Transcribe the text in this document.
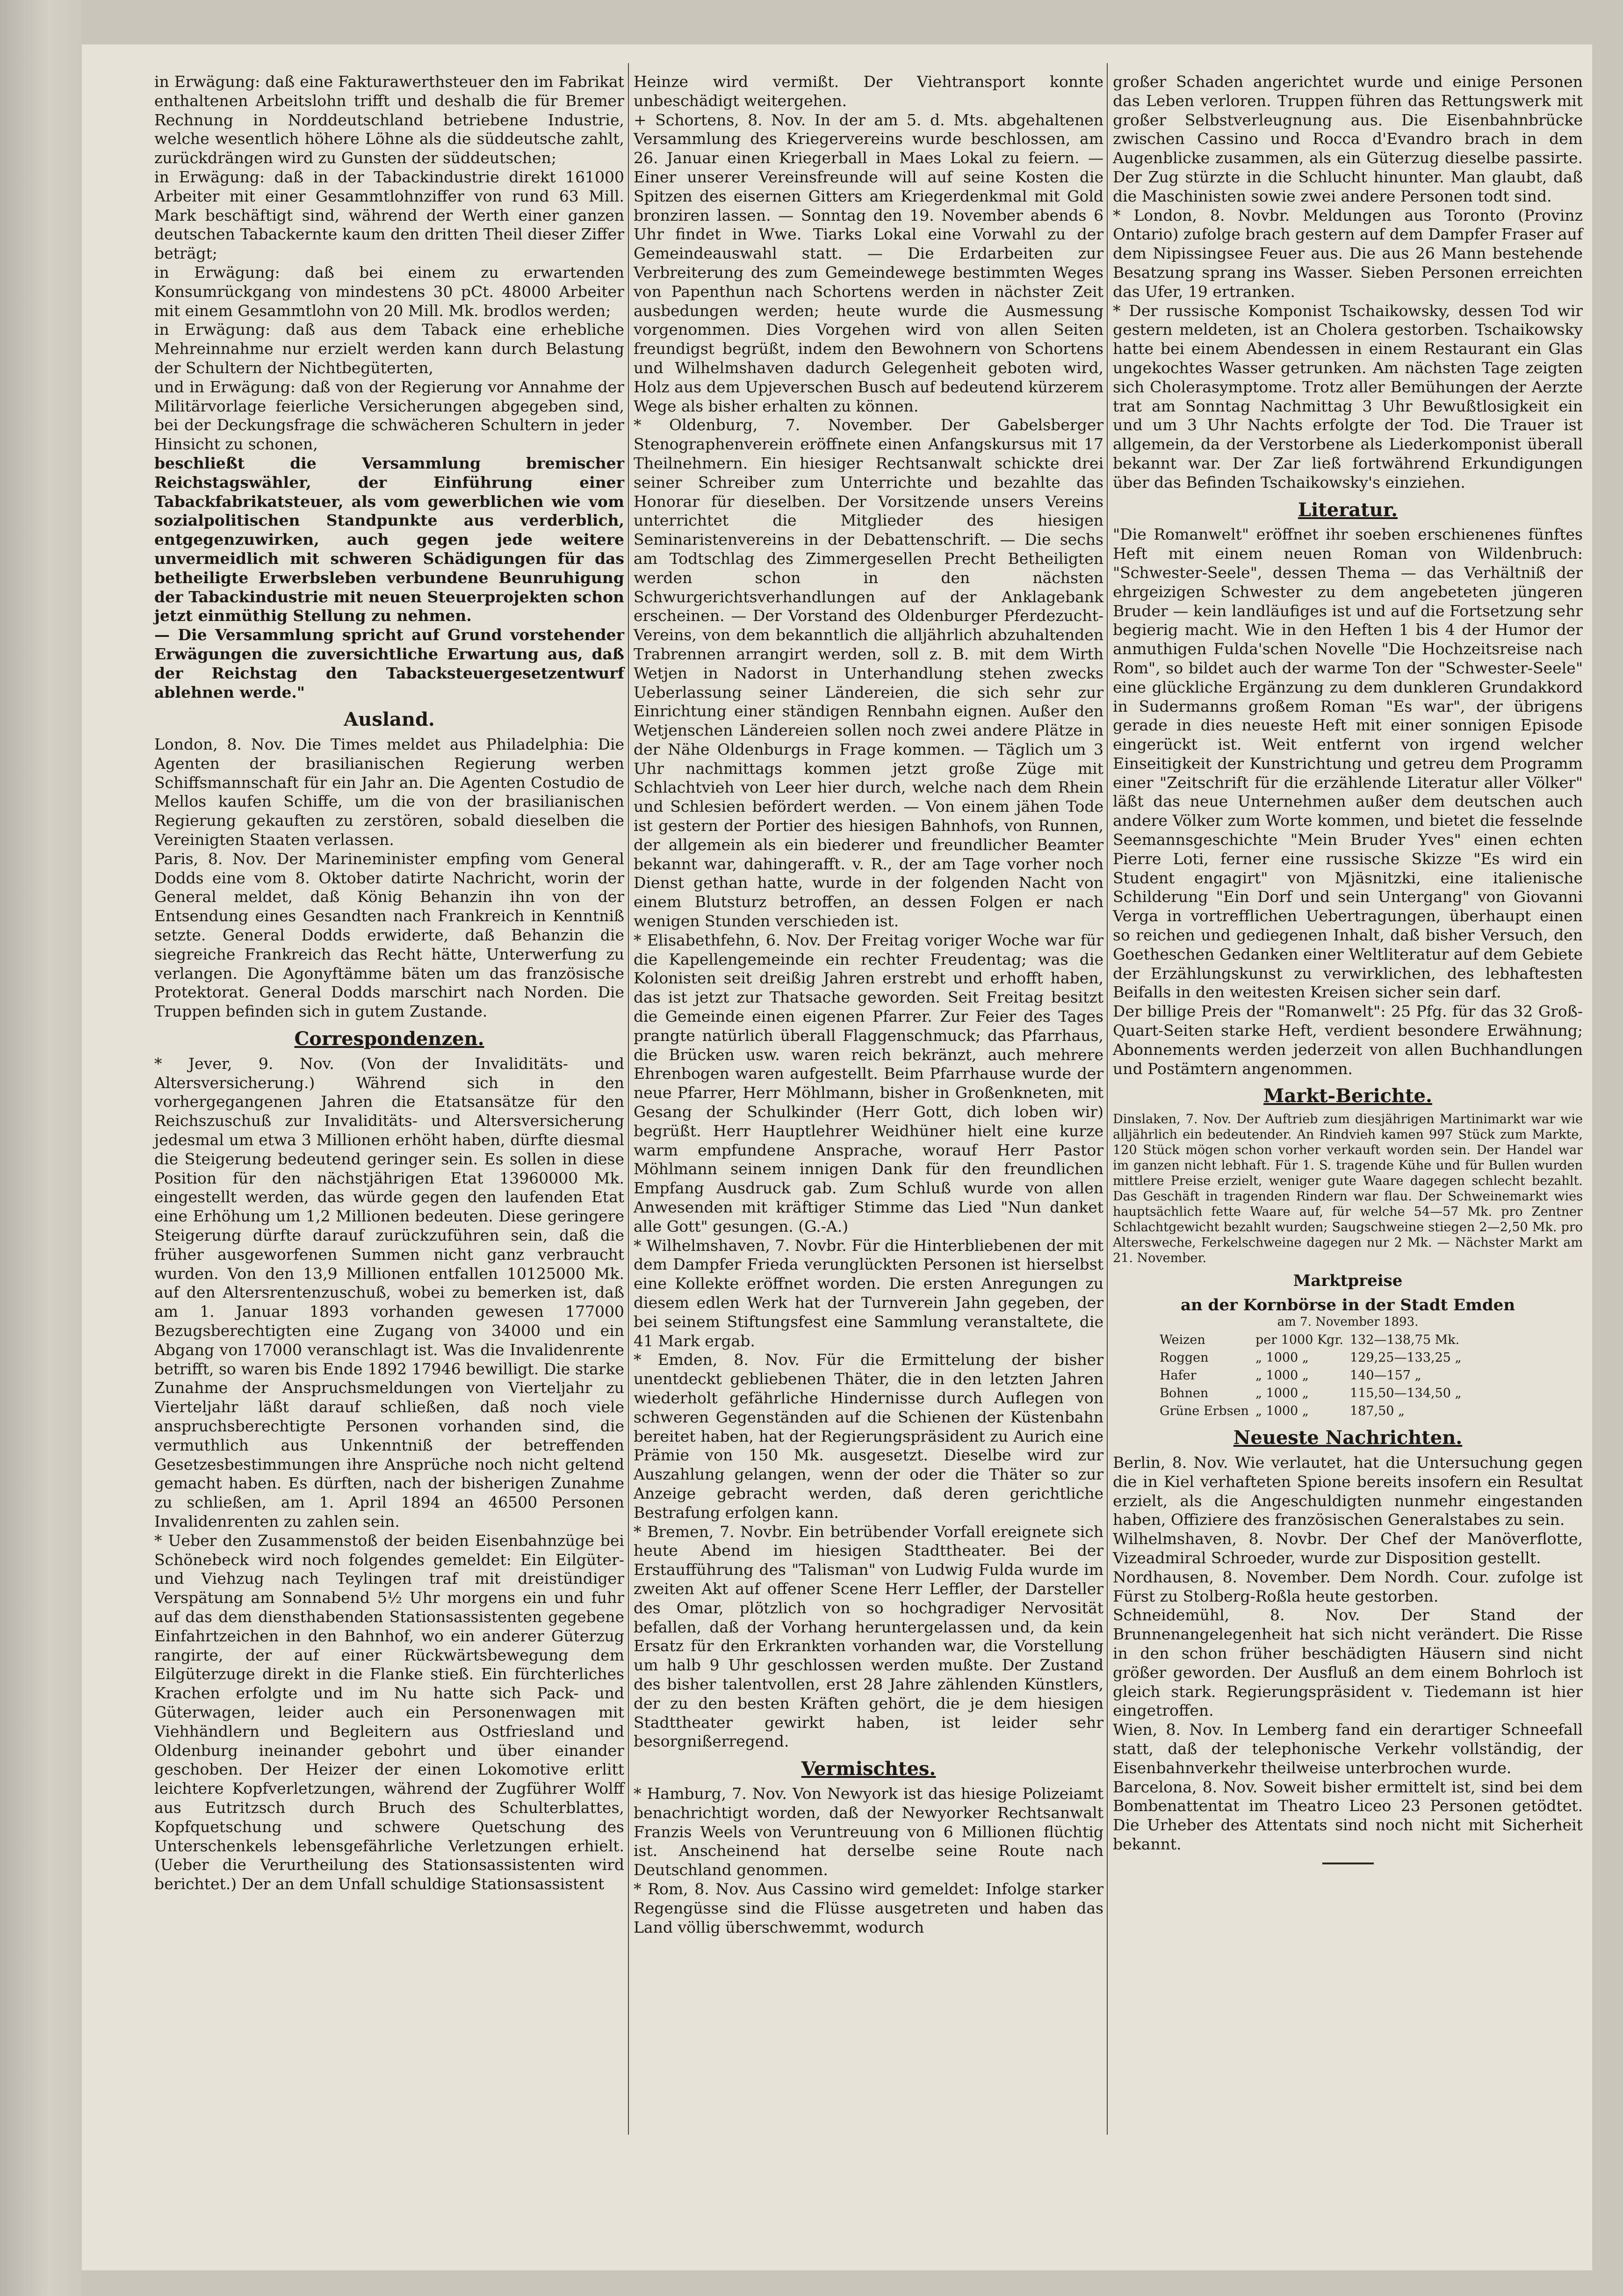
in Erwägung: daß eine Fakturawerthsteuer den im Fabrikat enthaltenen Arbeitslohn trifft und deshalb die für Bremer Rechnung in Norddeutschland betriebene Industrie, welche wesentlich höhere Löhne als die süddeutsche zahlt, zurückdrängen wird zu Gunsten der süddeutschen;

in Erwägung: daß in der Tabackindustrie direkt 161000 Arbeiter mit einer Gesammtlohnziffer von rund 63 Mill. Mark beschäftigt sind, während der Werth einer ganzen deutschen Tabackernte kaum den dritten Theil dieser Ziffer beträgt;

in Erwägung: daß bei einem zu erwartenden Konsumrückgang von mindestens 30 pCt. 48000 Arbeiter mit einem Gesammtlohn von 20 Mill. Mk. brodlos werden;

in Erwägung: daß aus dem Taback eine erhebliche Mehreinnahme nur erzielt werden kann durch Belastung der Schultern der Nichtbegüterten,

und in Erwägung: daß von der Regierung vor Annahme der Militärvorlage feierliche Versicherungen abgegeben sind, bei der Deckungsfrage die schwächeren Schultern in jeder Hinsicht zu schonen,

beschließt die Versammlung bremischer Reichstagswähler, der Einführung einer Tabackfabrikatsteuer, als vom gewerblichen wie vom sozialpolitischen Standpunkte aus verderblich, entgegenzuwirken, auch gegen jede weitere unvermeidlich mit schweren Schädigungen für das betheiligte Erwerbsleben verbundene Beunruhigung der Tabackindustrie mit neuen Steuerprojekten schon jetzt einmüthig Stellung zu nehmen.

— Die Versammlung spricht auf Grund vorstehender Erwägungen die zuversichtliche Erwartung aus, daß der Reichstag den Tabacksteuergesetzentwurf ablehnen werde."

Ausland.

London, 8. Nov. Die Times meldet aus Philadelphia: Die Agenten der brasilianischen Regierung werben Schiffsmannschaft für ein Jahr an. Die Agenten Costudio de Mellos kaufen Schiffe, um die von der brasilianischen Regierung gekauften zu zerstören, sobald dieselben die Vereinigten Staaten verlassen.

Paris, 8. Nov. Der Marineminister empfing vom General Dodds eine vom 8. Oktober datirte Nachricht, worin der General meldet, daß König Behanzin ihn von der Entsendung eines Gesandten nach Frankreich in Kenntniß setzte. General Dodds erwiderte, daß Behanzin die siegreiche Frankreich das Recht hätte, Unterwerfung zu verlangen. Die Agonyftämme bäten um das französische Protektorat. General Dodds marschirt nach Norden. Die Truppen befinden sich in gutem Zustande.

Correspondenzen.

* Jever, 9. Nov. (Von der Invaliditäts- und Altersversicherung.) Während sich in den vorhergegangenen Jahren die Etatsansätze für den Reichszuschuß zur Invaliditäts- und Altersversicherung jedesmal um etwa 3 Millionen erhöht haben, dürfte diesmal die Steigerung bedeutend geringer sein. Es sollen in diese Position für den nächstjährigen Etat 13960000 Mk. eingestellt werden, das würde gegen den laufenden Etat eine Erhöhung um 1,2 Millionen bedeuten. Diese geringere Steigerung dürfte darauf zurückzuführen sein, daß die früher ausgeworfenen Summen nicht ganz verbraucht wurden. Von den 13,9 Millionen entfallen 10125000 Mk. auf den Altersrentenzuschuß, wobei zu bemerken ist, daß am 1. Januar 1893 vorhanden gewesen 177000 Bezugsberechtigten eine Zugang von 34000 und ein Abgang von 17000 veranschlagt ist. Was die Invalidenrente betrifft, so waren bis Ende 1892 17946 bewilligt. Die starke Zunahme der Anspruchsmeldungen von Vierteljahr zu Vierteljahr läßt darauf schließen, daß noch viele anspruchsberechtigte Personen vorhanden sind, die vermuthlich aus Unkenntniß der betreffenden Gesetzesbestimmungen ihre Ansprüche noch nicht geltend gemacht haben. Es dürften, nach der bisherigen Zunahme zu schließen, am 1. April 1894 an 46500 Personen Invalidenrenten zu zahlen sein.

* Ueber den Zusammenstoß der beiden Eisenbahnzüge bei Schönebeck wird noch folgendes gemeldet: Ein Eilgüter- und Viehzug nach Teylingen traf mit dreistündiger Verspätung am Sonnabend 5½ Uhr morgens ein und fuhr auf das dem diensthabenden Stationsassistenten gegebene Einfahrtzeichen in den Bahnhof, wo ein anderer Güterzug rangirte, der auf einer Rückwärtsbewegung dem Eilgüterzuge direkt in die Flanke stieß. Ein fürchterliches Krachen erfolgte und im Nu hatte sich Pack- und Güterwagen, leider auch ein Personenwagen mit Viehhändlern und Begleitern aus Ostfriesland und Oldenburg ineinander gebohrt und über einander geschoben. Der Heizer der einen Lokomotive erlitt leichtere Kopfverletzungen, während der Zugführer Wolff aus Eutritzsch durch Bruch des Schulterblattes, Kopfquetschung und schwere Quetschung des Unterschenkels lebensgefährliche Verletzungen erhielt. (Ueber die Verurtheilung des Stationsassistenten wird berichtet.) Der an dem Unfall schuldige Stationsassistent

Heinze wird vermißt. Der Viehtransport konnte unbeschädigt weitergehen.

+ Schortens, 8. Nov. In der am 5. d. Mts. abgehaltenen Versammlung des Kriegervereins wurde beschlossen, am 26. Januar einen Kriegerball in Maes Lokal zu feiern. — Einer unserer Vereinsfreunde will auf seine Kosten die Spitzen des eisernen Gitters am Kriegerdenkmal mit Gold bronziren lassen. — Sonntag den 19. November abends 6 Uhr findet in Wwe. Tiarks Lokal eine Vorwahl zu der Gemeindeauswahl statt. — Die Erdarbeiten zur Verbreiterung des zum Gemeindewege bestimmten Weges von Papenthun nach Schortens werden in nächster Zeit ausbedungen werden; heute wurde die Ausmessung vorgenommen. Dies Vorgehen wird von allen Seiten freundigst begrüßt, indem den Bewohnern von Schortens und Wilhelmshaven dadurch Gelegenheit geboten wird, Holz aus dem Upjeverschen Busch auf bedeutend kürzerem Wege als bisher erhalten zu können.

* Oldenburg, 7. November. Der Gabelsberger Stenographenverein eröffnete einen Anfangskursus mit 17 Theilnehmern. Ein hiesiger Rechtsanwalt schickte drei seiner Schreiber zum Unterrichte und bezahlte das Honorar für dieselben. Der Vorsitzende unsers Vereins unterrichtet die Mitglieder des hiesigen Seminaristenvereins in der Debattenschrift. — Die sechs am Todtschlag des Zimmergesellen Precht Betheiligten werden schon in den nächsten Schwurgerichtsverhandlungen auf der Anklagebank erscheinen. — Der Vorstand des Oldenburger Pferdezucht-Vereins, von dem bekanntlich die alljährlich abzuhaltenden Trabrennen arrangirt werden, soll z. B. mit dem Wirth Wetjen in Nadorst in Unterhandlung stehen zwecks Ueberlassung seiner Ländereien, die sich sehr zur Einrichtung einer ständigen Rennbahn eignen. Außer den Wetjenschen Ländereien sollen noch zwei andere Plätze in der Nähe Oldenburgs in Frage kommen. — Täglich um 3 Uhr nachmittags kommen jetzt große Züge mit Schlachtvieh von Leer hier durch, welche nach dem Rhein und Schlesien befördert werden. — Von einem jähen Tode ist gestern der Portier des hiesigen Bahnhofs, von Runnen, der allgemein als ein biederer und freundlicher Beamter bekannt war, dahingerafft. v. R., der am Tage vorher noch Dienst gethan hatte, wurde in der folgenden Nacht von einem Blutsturz betroffen, an dessen Folgen er nach wenigen Stunden verschieden ist.

* Elisabethfehn, 6. Nov. Der Freitag voriger Woche war für die Kapellengemeinde ein rechter Freudentag; was die Kolonisten seit dreißig Jahren erstrebt und erhofft haben, das ist jetzt zur Thatsache geworden. Seit Freitag besitzt die Gemeinde einen eigenen Pfarrer. Zur Feier des Tages prangte natürlich überall Flaggenschmuck; das Pfarrhaus, die Brücken usw. waren reich bekränzt, auch mehrere Ehrenbogen waren aufgestellt. Beim Pfarrhause wurde der neue Pfarrer, Herr Möhlmann, bisher in Großenkneten, mit Gesang der Schulkinder (Herr Gott, dich loben wir) begrüßt. Herr Hauptlehrer Weidhüner hielt eine kurze warm empfundene Ansprache, worauf Herr Pastor Möhlmann seinem innigen Dank für den freundlichen Empfang Ausdruck gab. Zum Schluß wurde von allen Anwesenden mit kräftiger Stimme das Lied "Nun danket alle Gott" gesungen. (G.-A.)

* Wilhelmshaven, 7. Novbr. Für die Hinterbliebenen der mit dem Dampfer Frieda verunglückten Personen ist hierselbst eine Kollekte eröffnet worden. Die ersten Anregungen zu diesem edlen Werk hat der Turnverein Jahn gegeben, der bei seinem Stiftungsfest eine Sammlung veranstaltete, die 41 Mark ergab.

* Emden, 8. Nov. Für die Ermittelung der bisher unentdeckt gebliebenen Thäter, die in den letzten Jahren wiederholt gefährliche Hindernisse durch Auflegen von schweren Gegenständen auf die Schienen der Küstenbahn bereitet haben, hat der Regierungspräsident zu Aurich eine Prämie von 150 Mk. ausgesetzt. Dieselbe wird zur Auszahlung gelangen, wenn der oder die Thäter so zur Anzeige gebracht werden, daß deren gerichtliche Bestrafung erfolgen kann.

* Bremen, 7. Novbr. Ein betrübender Vorfall ereignete sich heute Abend im hiesigen Stadttheater. Bei der Erstaufführung des "Talisman" von Ludwig Fulda wurde im zweiten Akt auf offener Scene Herr Leffler, der Darsteller des Omar, plötzlich von so hochgradiger Nervosität befallen, daß der Vorhang heruntergelassen und, da kein Ersatz für den Erkrankten vorhanden war, die Vorstellung um halb 9 Uhr geschlossen werden mußte. Der Zustand des bisher talentvollen, erst 28 Jahre zählenden Künstlers, der zu den besten Kräften gehört, die je dem hiesigen Stadttheater gewirkt haben, ist leider sehr besorgnißerregend.

Vermischtes.

* Hamburg, 7. Nov. Von Newyork ist das hiesige Polizeiamt benachrichtigt worden, daß der Newyorker Rechtsanwalt Franzis Weels von Veruntreuung von 6 Millionen flüchtig ist. Anscheinend hat derselbe seine Route nach Deutschland genommen.

* Rom, 8. Nov. Aus Cassino wird gemeldet: Infolge starker Regengüsse sind die Flüsse ausgetreten und haben das Land völlig überschwemmt, wodurch

großer Schaden angerichtet wurde und einige Personen das Leben verloren. Truppen führen das Rettungswerk mit großer Selbstverleugnung aus. Die Eisenbahnbrücke zwischen Cassino und Rocca d'Evandro brach in dem Augenblicke zusammen, als ein Güterzug dieselbe passirte. Der Zug stürzte in die Schlucht hinunter. Man glaubt, daß die Maschinisten sowie zwei andere Personen todt sind.

* London, 8. Novbr. Meldungen aus Toronto (Provinz Ontario) zufolge brach gestern auf dem Dampfer Fraser auf dem Nipissingsee Feuer aus. Die aus 26 Mann bestehende Besatzung sprang ins Wasser. Sieben Personen erreichten das Ufer, 19 ertranken.

* Der russische Komponist Tschaikowsky, dessen Tod wir gestern meldeten, ist an Cholera gestorben. Tschaikowsky hatte bei einem Abendessen in einem Restaurant ein Glas ungekochtes Wasser getrunken. Am nächsten Tage zeigten sich Cholerasymptome. Trotz aller Bemühungen der Aerzte trat am Sonntag Nachmittag 3 Uhr Bewußtlosigkeit ein und um 3 Uhr Nachts erfolgte der Tod. Die Trauer ist allgemein, da der Verstorbene als Liederkomponist überall bekannt war. Der Zar ließ fortwährend Erkundigungen über das Befinden Tschaikowsky's einziehen.

Literatur.

"Die Romanwelt" eröffnet ihr soeben erschienenes fünftes Heft mit einem neuen Roman von Wildenbruch: "Schwester-Seele", dessen Thema — das Verhältniß der ehrgeizigen Schwester zu dem angebeteten jüngeren Bruder — kein landläufiges ist und auf die Fortsetzung sehr begierig macht. Wie in den Heften 1 bis 4 der Humor der anmuthigen Fulda'schen Novelle "Die Hochzeitsreise nach Rom", so bildet auch der warme Ton der "Schwester-Seele" eine glückliche Ergänzung zu dem dunkleren Grundakkord in Sudermanns großem Roman "Es war", der übrigens gerade in dies neueste Heft mit einer sonnigen Episode eingerückt ist. Weit entfernt von irgend welcher Einseitigkeit der Kunstrichtung und getreu dem Programm einer "Zeitschrift für die erzählende Literatur aller Völker" läßt das neue Unternehmen außer dem deutschen auch andere Völker zum Worte kommen, und bietet die fesselnde Seemannsgeschichte "Mein Bruder Yves" einen echten Pierre Loti, ferner eine russische Skizze "Es wird ein Student engagirt" von Mjäsnitzki, eine italienische Schilderung "Ein Dorf und sein Untergang" von Giovanni Verga in vortrefflichen Uebertragungen, überhaupt einen so reichen und gediegenen Inhalt, daß bisher Versuch, den Goetheschen Gedanken einer Weltliteratur auf dem Gebiete der Erzählungskunst zu verwirklichen, des lebhaftesten Beifalls in den weitesten Kreisen sicher sein darf.

Der billige Preis der "Romanwelt": 25 Pfg. für das 32 Groß-Quart-Seiten starke Heft, verdient besondere Erwähnung; Abonnements werden jederzeit von allen Buchhandlungen und Postämtern angenommen.

Markt-Berichte.

Dinslaken, 7. Nov. Der Auftrieb zum diesjährigen Martinimarkt war wie alljährlich ein bedeutender. An Rindvieh kamen 997 Stück zum Markte, 120 Stück mögen schon vorher verkauft worden sein. Der Handel war im ganzen nicht lebhaft. Für 1. S. tragende Kühe und für Bullen wurden mittlere Preise erzielt, weniger gute Waare dagegen schlecht bezahlt. Das Geschäft in tragenden Rindern war flau. Der Schweinemarkt wies hauptsächlich fette Waare auf, für welche 54—57 Mk. pro Zentner Schlachtgewicht bezahlt wurden; Saugschweine stiegen 2—2,50 Mk. pro Altersweche, Ferkelschweine dagegen nur 2 Mk. — Nächster Markt am 21. November.

Marktpreise
an der Kornbörse in der Stadt Emden
am 7. November 1893.
Weizen	per 1000 Kgr.	132—138,75 Mk.
Roggen	„ 1000 „	129,25—133,25 „
Hafer	„ 1000 „	140—157 „
Bohnen	„ 1000 „	115,50—134,50 „
Grüne Erbsen	„ 1000 „	187,50 „
Neueste Nachrichten.

Berlin, 8. Nov. Wie verlautet, hat die Untersuchung gegen die in Kiel verhafteten Spione bereits insofern ein Resultat erzielt, als die Angeschuldigten nunmehr eingestanden haben, Offiziere des französischen Generalstabes zu sein.

Wilhelmshaven, 8. Novbr. Der Chef der Manöverflotte, Vizeadmiral Schroeder, wurde zur Disposition gestellt.

Nordhausen, 8. November. Dem Nordh. Cour. zufolge ist Fürst zu Stolberg-Roßla heute gestorben.

Schneidemühl, 8. Nov. Der Stand der Brunnenangelegenheit hat sich nicht verändert. Die Risse in den schon früher beschädigten Häusern sind nicht größer geworden. Der Ausfluß an dem einem Bohrloch ist gleich stark. Regierungspräsident v. Tiedemann ist hier eingetroffen.

Wien, 8. Nov. In Lemberg fand ein derartiger Schneefall statt, daß der telephonische Verkehr vollständig, der Eisenbahnverkehr theilweise unterbrochen wurde.

Barcelona, 8. Nov. Soweit bisher ermittelt ist, sind bei dem Bombenattentat im Theatro Liceo 23 Personen getödtet. Die Urheber des Attentats sind noch nicht mit Sicherheit bekannt.
